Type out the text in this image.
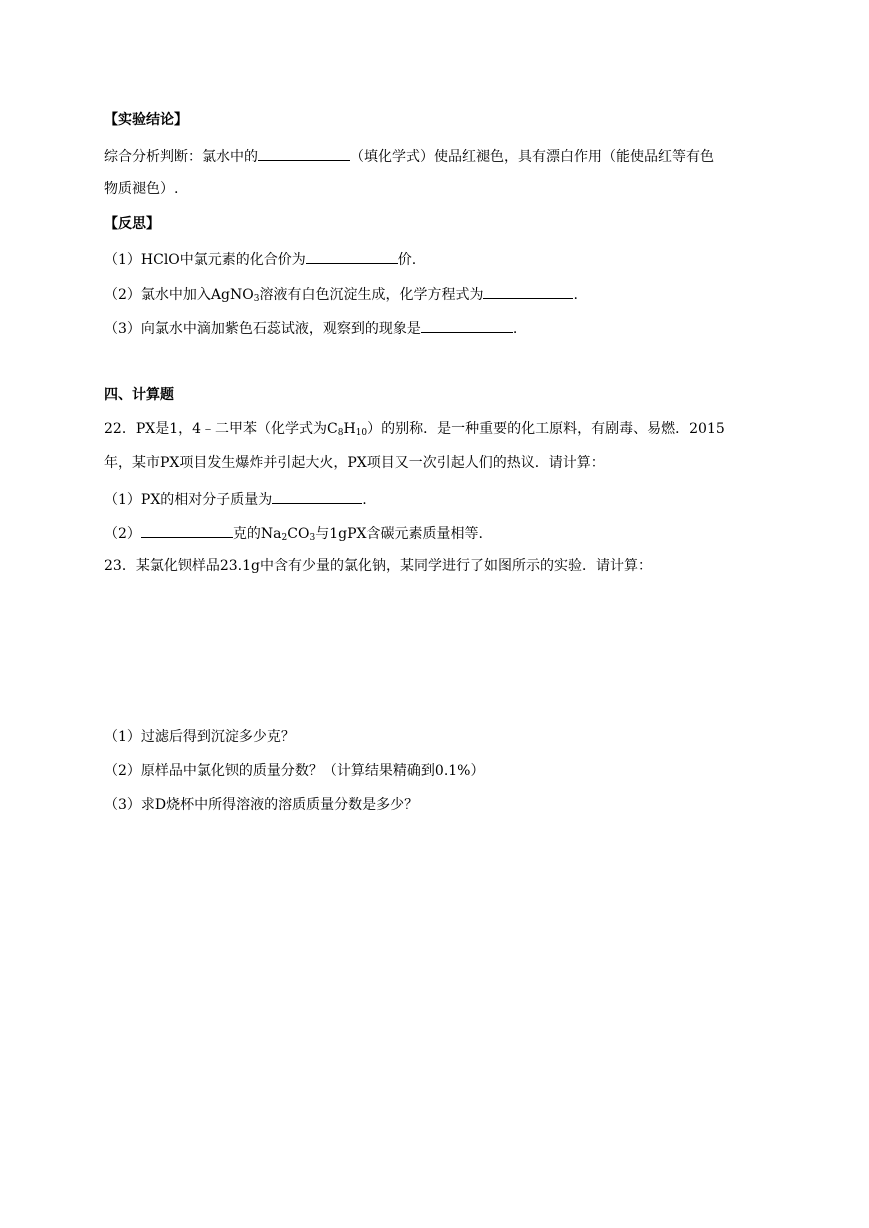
【实验结论】
综合分析判断：氯水中的	（填化学式）使品红褪色，具有漂白作用（能使品红等有色
物质褪色）.
【反思】
（1）HClO中氯元素的化合价为	价.
（2）氯水中加入AgNO$_3$溶液有白色沉淀生成，化学方程式为	.
（3）向氯水中滴加紫色石蕊试液，观察到的现象是	.
四、计算题
22．PX是1，4﹣二甲苯（化学式为$C_8H_{10}$）的别称．是一种重要的化工原料，有剧毒、易燃．2015
年，某市PX项目发生爆炸并引起大火，PX项目又一次引起人们的热议．请计算：
（1）PX的相对分子质量为	.
（2）	克的$Na_2CO_3$与1gPX含碳元素质量相等.
23．某氯化钡样品23.1g中含有少量的氯化钠，某同学进行了如图所示的实验．请计算：
（1）过滤后得到沉淀多少克？
（2）原样品中氯化钡的质量分数？（计算结果精确到0.1%）
（3）求D烧杯中所得溶液的溶质质量分数是多少？
